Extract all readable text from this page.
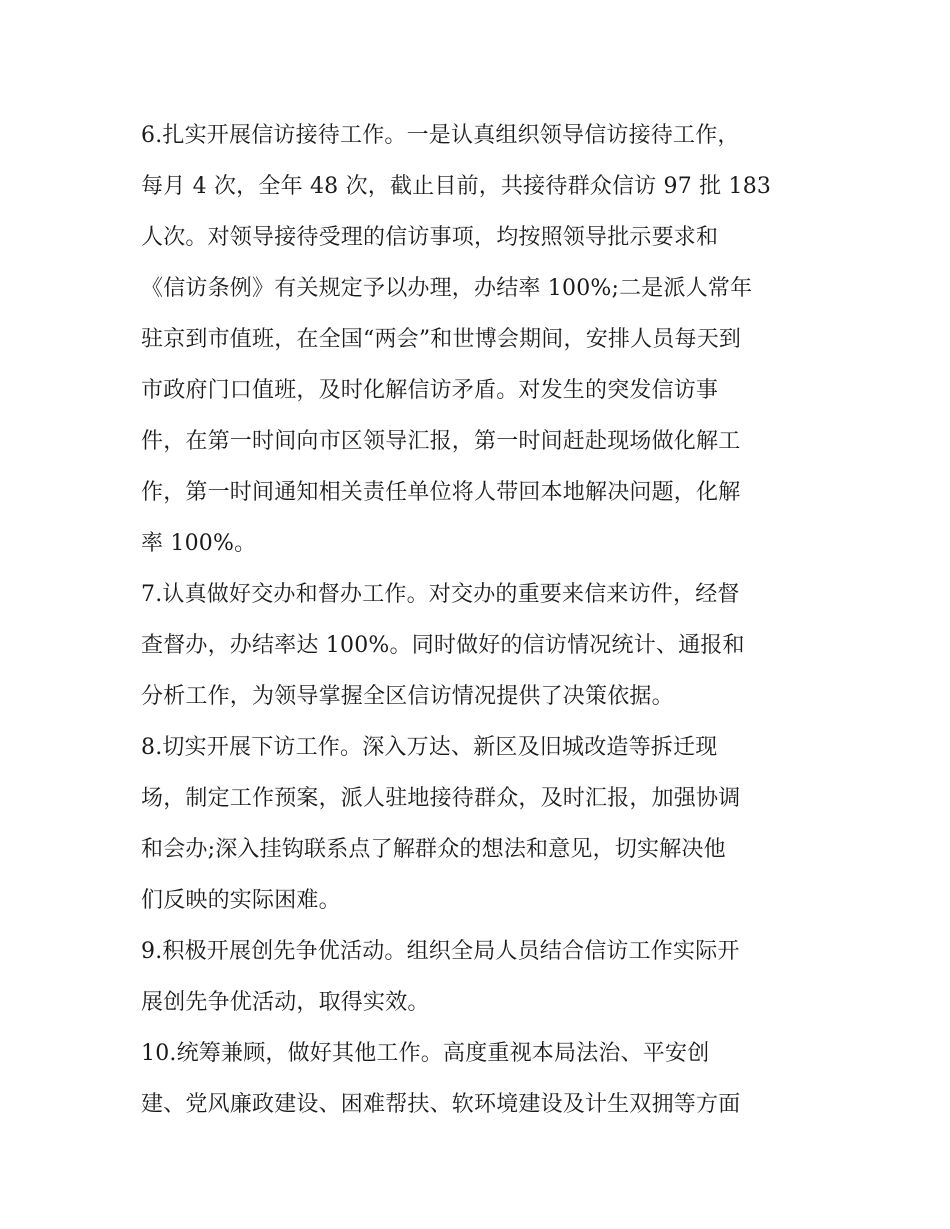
6.扎实开展信访接待工作。一是认真组织领导信访接待工作，
每月 4 次，全年 48 次，截止目前，共接待群众信访 97 批 183
人次。对领导接待受理的信访事项，均按照领导批示要求和
《信访条例》有关规定予以办理，办结率 100%;二是派人常年
驻京到市值班，在全国“两会”和世博会期间，安排人员每天到
市政府门口值班，及时化解信访矛盾。对发生的突发信访事
件，在第一时间向市区领导汇报，第一时间赶赴现场做化解工
作，第一时间通知相关责任单位将人带回本地解决问题，化解
率 100%。
7.认真做好交办和督办工作。对交办的重要来信来访件，经督
查督办，办结率达 100%。同时做好的信访情况统计、通报和
分析工作，为领导掌握全区信访情况提供了决策依据。
8.切实开展下访工作。深入万达、新区及旧城改造等拆迁现
场，制定工作预案，派人驻地接待群众，及时汇报，加强协调
和会办;深入挂钩联系点了解群众的想法和意见，切实解决他
们反映的实际困难。
9.积极开展创先争优活动。组织全局人员结合信访工作实际开
展创先争优活动，取得实效。
10.统筹兼顾，做好其他工作。高度重视本局法治、平安创
建、党风廉政建设、困难帮扶、软环境建设及计生双拥等方面
